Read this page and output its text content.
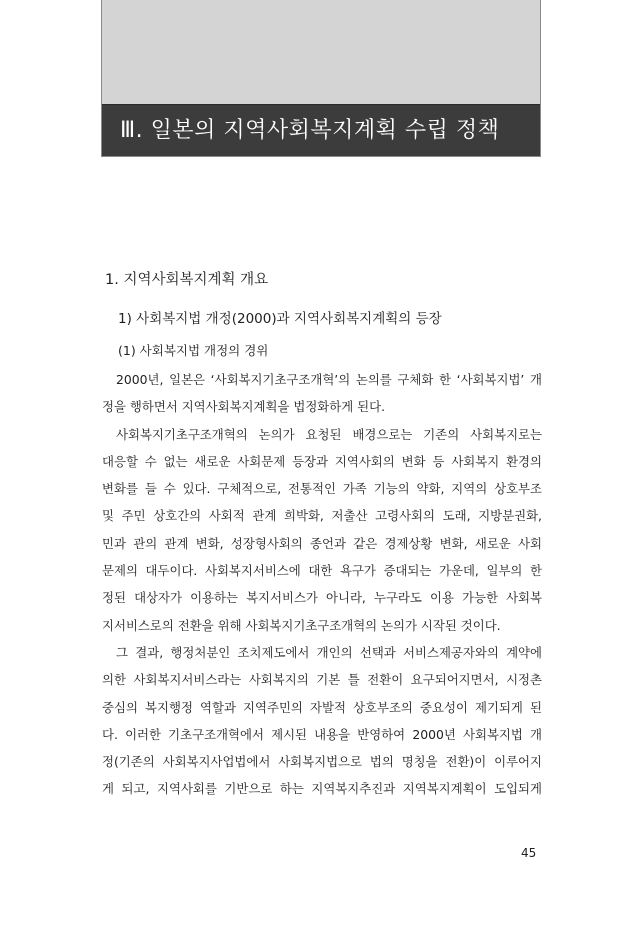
Ⅲ. 일본의 지역사회복지계획 수립 정책
1. 지역사회복지계획 개요
1) 사회복지법 개정(2000)과 지역사회복지계획의 등장
(1) 사회복지법 개정의 경위
2000년, 일본은 ‘사회복지기초구조개혁’의 논의를 구체화 한 ‘사회복지법’ 개
정을 행하면서 지역사회복지계획을 법정화하게 된다.
사회복지기초구조개혁의 논의가 요청된 배경으로는 기존의 사회복지로는
대응할 수 없는 새로운 사회문제 등장과 지역사회의 변화 등 사회복지 환경의
변화를 들 수 있다. 구체적으로, 전통적인 가족 기능의 약화, 지역의 상호부조
및 주민 상호간의 사회적 관계 희박화, 저출산 고령사회의 도래, 지방분권화,
민과 관의 관계 변화, 성장형사회의 종언과 같은 경제상황 변화, 새로운 사회
문제의 대두이다. 사회복지서비스에 대한 욕구가 증대되는 가운데, 일부의 한
정된 대상자가 이용하는 복지서비스가 아니라, 누구라도 이용 가능한 사회복
지서비스로의 전환을 위해 사회복지기초구조개혁의 논의가 시작된 것이다.
그 결과, 행정처분인 조치제도에서 개인의 선택과 서비스제공자와의 계약에
의한 사회복지서비스라는 사회복지의 기본 틀 전환이 요구되어지면서, 시정촌
중심의 복지행정 역할과 지역주민의 자발적 상호부조의 중요성이 제기되게 된
다. 이러한 기초구조개혁에서 제시된 내용을 반영하여 2000년 사회복지법 개
정(기존의 사회복지사업법에서 사회복지법으로 법의 명칭을 전환)이 이루어지
게 되고, 지역사회를 기반으로 하는 지역복지추진과 지역복지계획이 도입되게
45
